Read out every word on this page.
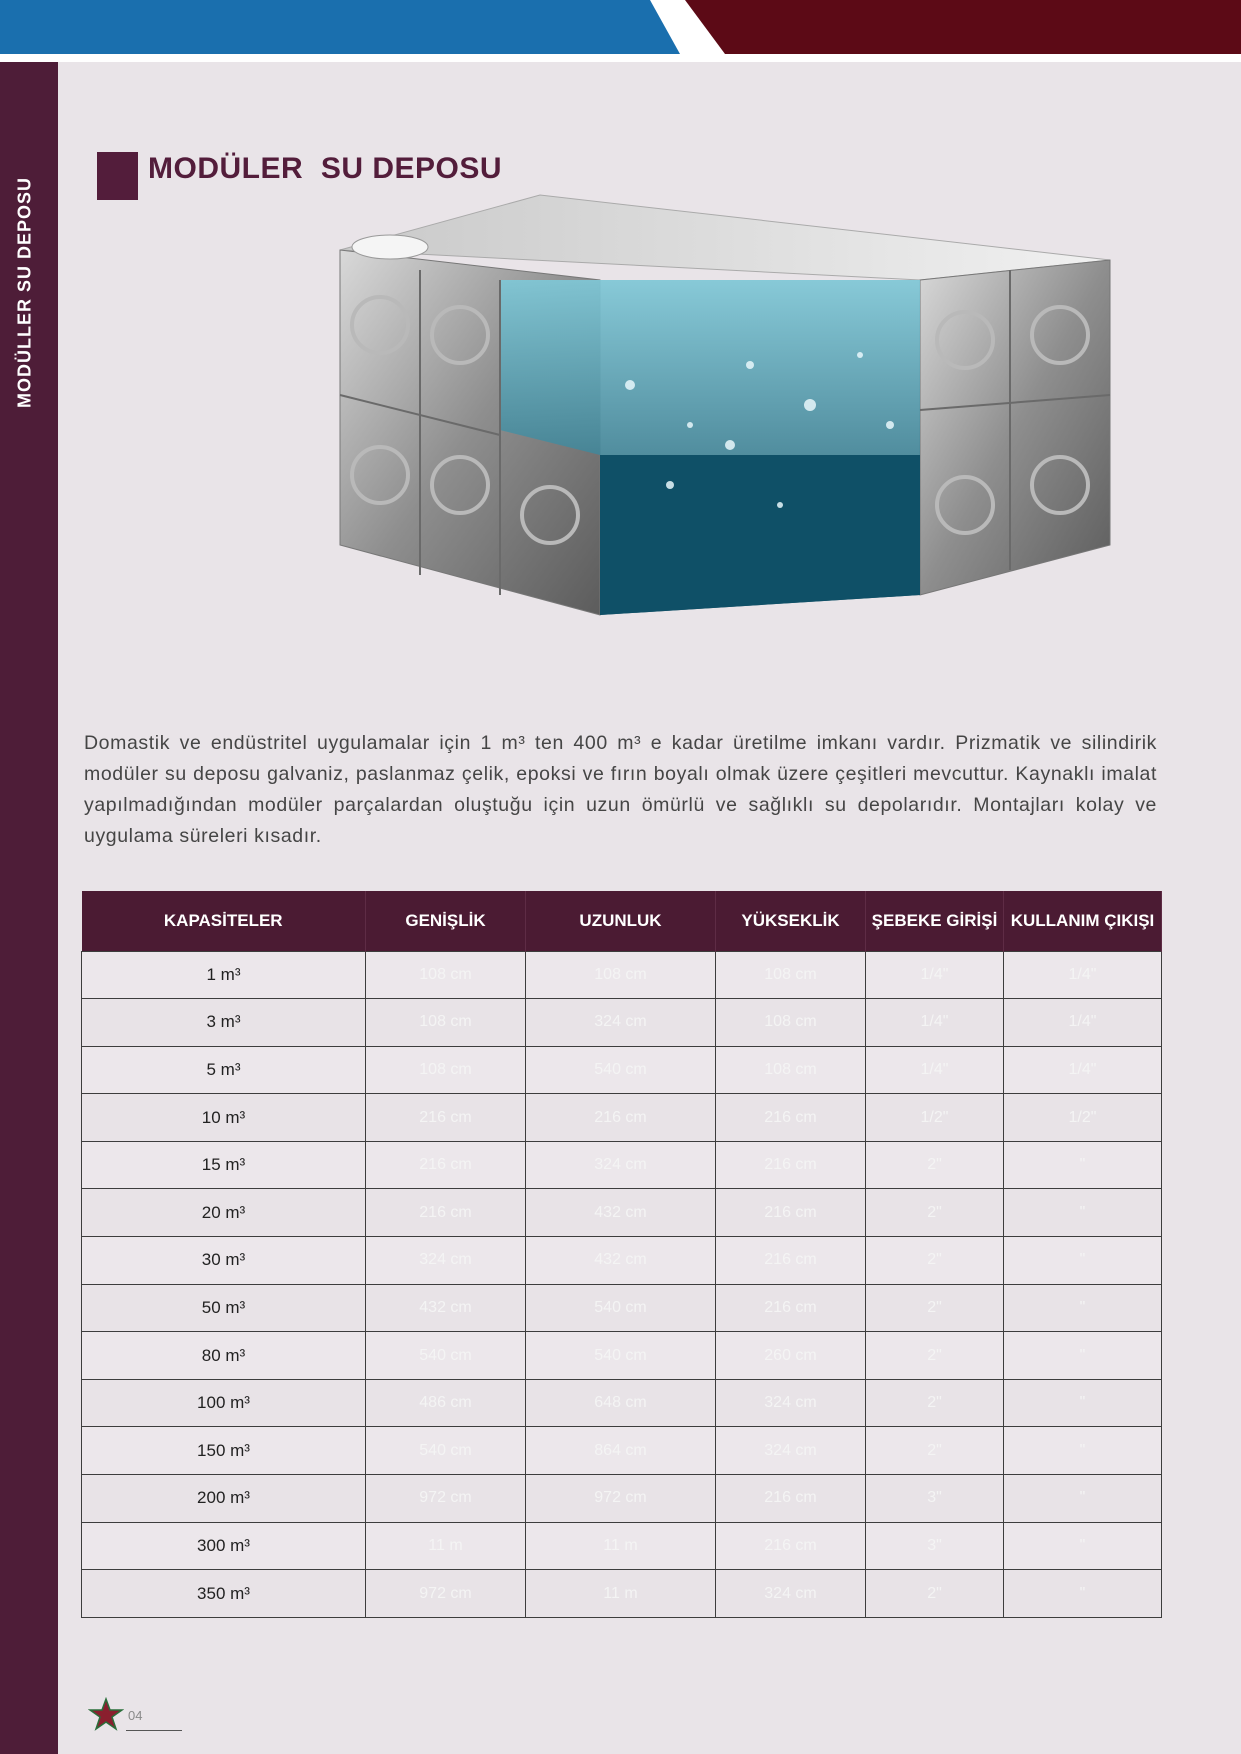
MODÜLLER SU DEPOSU
MODÜLER  SU DEPOSU

Domastik ve endüstritel uygulamalar için 1 m³ ten 400 m³ e kadar üretilme imkanı vardır. Prizmatik ve silindirik modüler su deposu galvaniz, paslanmaz çelik, epoksi ve fırın boyalı olmak üzere çeşitleri mevcuttur. Kaynaklı imalat yapılmadığından modüler parçalardan oluştuğu için uzun ömürlü ve sağlıklı su depolarıdır. Montajları kolay ve uygulama süreleri kısadır.

KAPASİTELER	GENİŞLİK	UZUNLUK	YÜKSEKLİK	ŞEBEKE GİRİŞİ	KULLANIM ÇIKIŞI
1 m³	108 cm	108 cm	108 cm	1/4"	1/4"
3 m³	108 cm	324 cm	108 cm	1/4"	1/4"
5 m³	108 cm	540 cm	108 cm	1/4"	1/4"
10 m³	216 cm	216 cm	216 cm	1/2"	1/2"
15 m³	216 cm	324 cm	216 cm	2"	"
20 m³	216 cm	432 cm	216 cm	2"	"
30 m³	324 cm	432 cm	216 cm	2"	"
50 m³	432 cm	540 cm	216 cm	2"	"
80 m³	540 cm	540 cm	260 cm	2"	"
100 m³	486 cm	648 cm	324 cm	2"	"
150 m³	540 cm	864 cm	324 cm	2"	"
200 m³	972 cm	972 cm	216 cm	3"	"
300 m³	11 m	11 m	216 cm	3"	"
350 m³	972 cm	11 m	324 cm	2"	"
04
